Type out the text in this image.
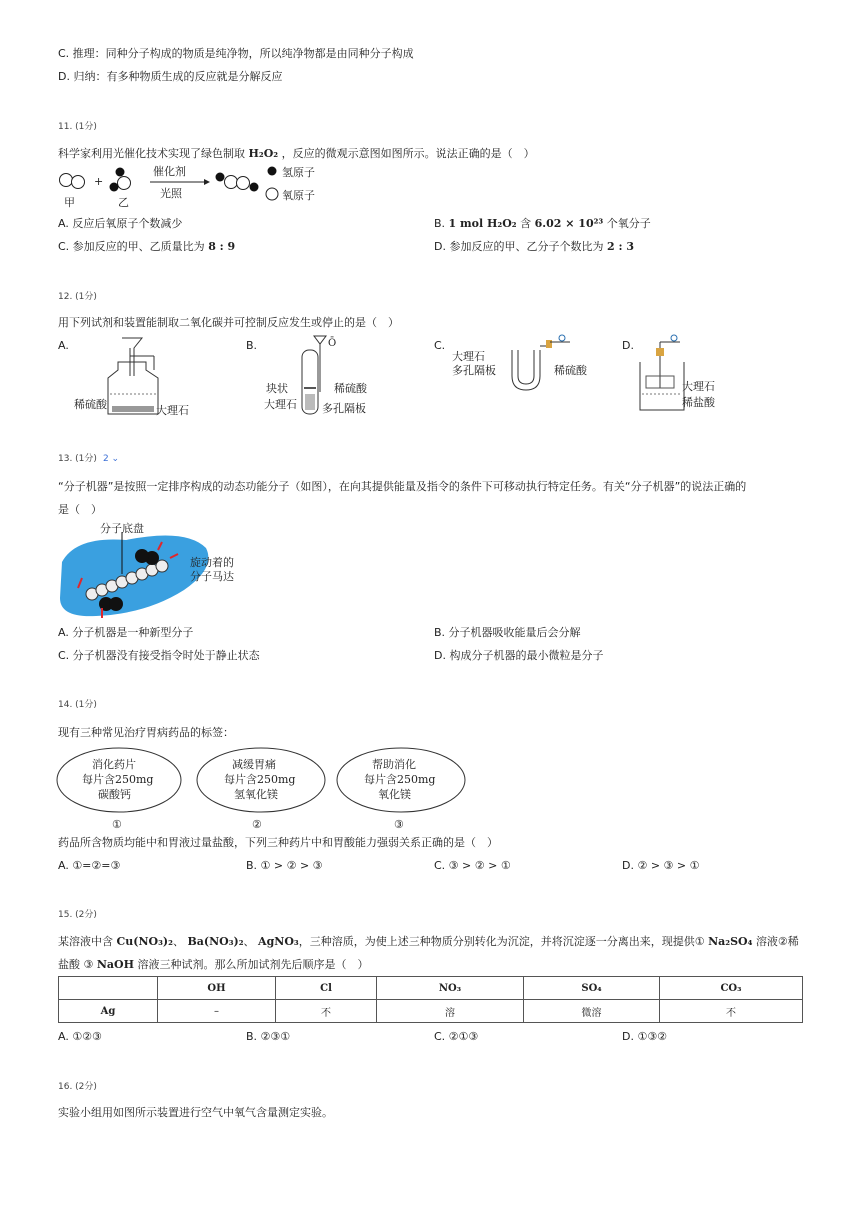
C. 推理：同种分子构成的物质是纯净物，所以纯净物都是由同种分子构成
D. 归纳：有多种物质生成的反应就是分解反应
11. (1分)
科学家利用光催化技术实现了绿色制取 H₂O₂ ，反应的微观示意图如图所示。说法正确的是（　）
甲
+
乙
催化剂
光照
氢原子
氧原子
A. 反应后氧原子个数减少	B. 1 mol H₂O₂ 含 6.02 × 10²³ 个氧分子
C. 参加反应的甲、乙质量比为 8 : 9	D. 参加反应的甲、乙分子个数比为 2 : 3
12. (1分)
用下列试剂和装置能制取二氧化碳并可控制反应发生或停止的是（　）
A.	B.	C.	D.
稀硫酸	大理石
Ō
块状
大理石
稀硫酸
多孔隔板
大理石
多孔隔板	稀硫酸
大理石
稀盐酸
13. (1分) 2 ⌄
“分子机器”是按照一定排序构成的动态功能分子（如图），在向其提供能量及指令的条件下可移动执行特定任务。有关“分子机器”的说法正确的
是（　）
分子底盘
旋动着的
分子马达
A. 分子机器是一种新型分子	B. 分子机器吸收能量后会分解
C. 分子机器没有接受指令时处于静止状态	D. 构成分子机器的最小微粒是分子
14. (1分)
现有三种常见治疗胃病药品的标签：
消化药片
每片含250mg
碳酸钙
①
减缓胃痛
每片含250mg
氢氧化镁
②
帮助消化
每片含250mg
氧化镁
③
药品所含物质均能中和胃液过量盐酸，下列三种药片中和胃酸能力强弱关系正确的是（　）
A. ①=②=③	B. ① > ② > ③	C. ③ > ② > ①	D. ② > ③ > ①
15. (2分)
某溶液中含 Cu(NO₃)₂、 Ba(NO₃)₂、 AgNO₃，三种溶质，为使上述三种物质分别转化为沉淀，并将沉淀逐一分离出来，现提供① Na₂SO₄ 溶液②稀
盐酸 ③ NaOH 溶液三种试剂。那么所加试剂先后顺序是（　）
	OH	Cl	NO₃	SO₄	CO₃
Ag	–	不	溶	微溶	不
A. ①②③	B. ②③①	C. ②①③	D. ①③②
16. (2分)
实验小组用如图所示装置进行空气中氧气含量测定实验。
